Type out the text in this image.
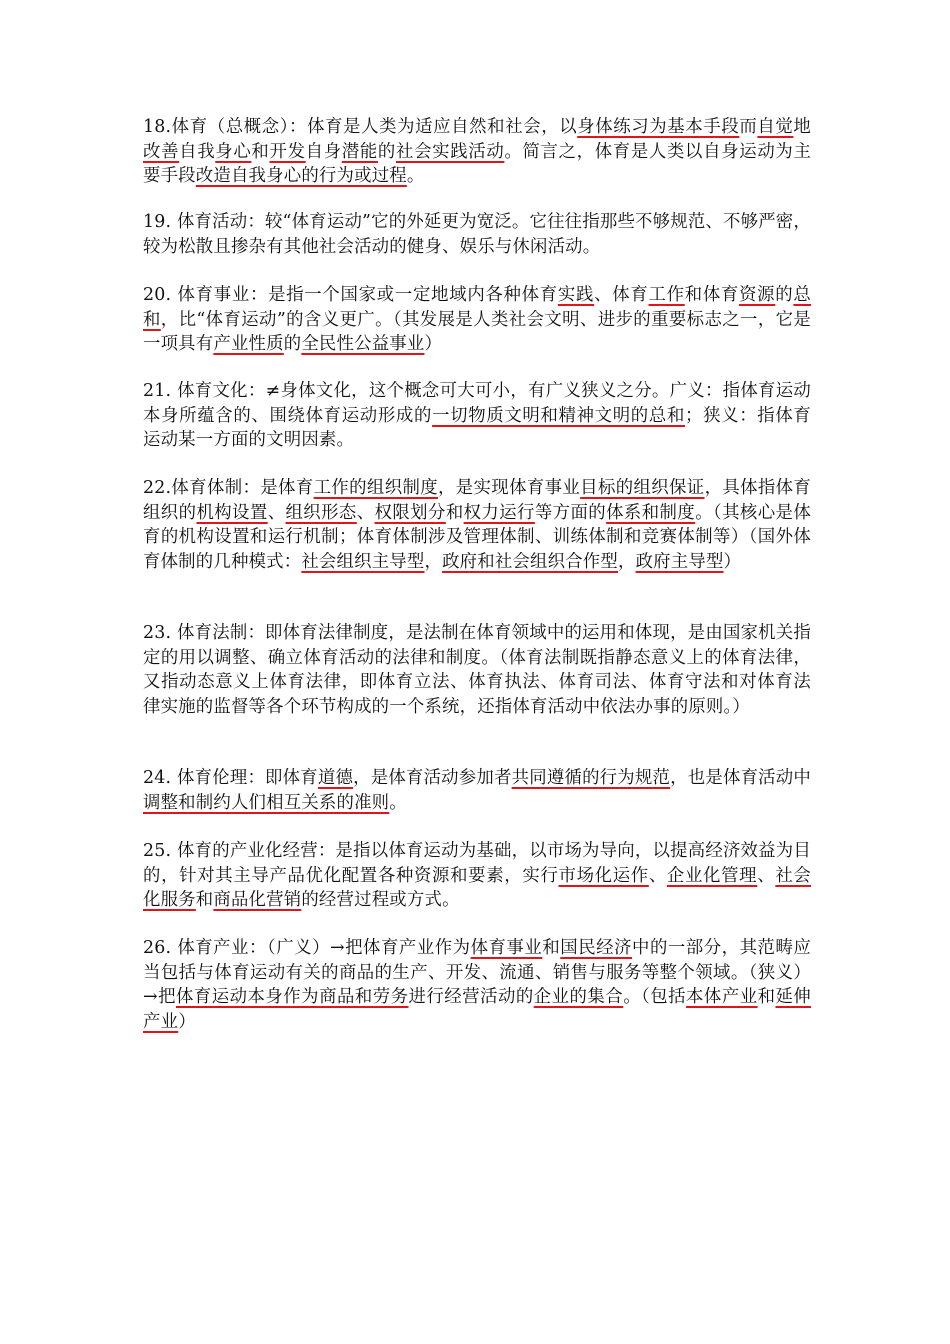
18.体育（总概念）：体育是人类为适应自然和社会，以身体练习为基本手段而自觉地改善自我身心和开发自身潜能的社会实践活动。简言之，体育是人类以自身运动为主要手段改造自我身心的行为或过程。

19. 体育活动：较“体育运动”它的外延更为宽泛。它往往指那些不够规范、不够严密，较为松散且掺杂有其他社会活动的健身、娱乐与休闲活动。

20. 体育事业：是指一个国家或一定地域内各种体育实践、体育工作和体育资源的总和，比“体育运动”的含义更广。（其发展是人类社会文明、进步的重要标志之一，它是一项具有产业性质的全民性公益事业）

21. 体育文化：≠身体文化，这个概念可大可小，有广义狭义之分。广义：指体育运动本身所蕴含的、围绕体育运动形成的一切物质文明和精神文明的总和；狭义：指体育运动某一方面的文明因素。

22.体育体制：是体育工作的组织制度，是实现体育事业目标的组织保证，具体指体育组织的机构设置、组织形态、权限划分和权力运行等方面的体系和制度。（其核心是体育的机构设置和运行机制；体育体制涉及管理体制、训练体制和竞赛体制等）（国外体育体制的几种模式：社会组织主导型，政府和社会组织合作型，政府主导型）

23. 体育法制：即体育法律制度，是法制在体育领域中的运用和体现，是由国家机关指定的用以调整、确立体育活动的法律和制度。（体育法制既指静态意义上的体育法律，又指动态意义上体育法律，即体育立法、体育执法、体育司法、体育守法和对体育法律实施的监督等各个环节构成的一个系统，还指体育活动中依法办事的原则。）

24. 体育伦理：即体育道德，是体育活动参加者共同遵循的行为规范，也是体育活动中调整和制约人们相互关系的准则。

25. 体育的产业化经营：是指以体育运动为基础，以市场为导向，以提高经济效益为目的，针对其主导产品优化配置各种资源和要素，实行市场化运作、企业化管理、社会化服务和商品化营销的经营过程或方式。

26. 体育产业：（广义）→把体育产业作为体育事业和国民经济中的一部分，其范畴应当包括与体育运动有关的商品的生产、开发、流通、销售与服务等整个领域。（狭义）→把体育运动本身作为商品和劳务进行经营活动的企业的集合。（包括本体产业和延伸产业）
